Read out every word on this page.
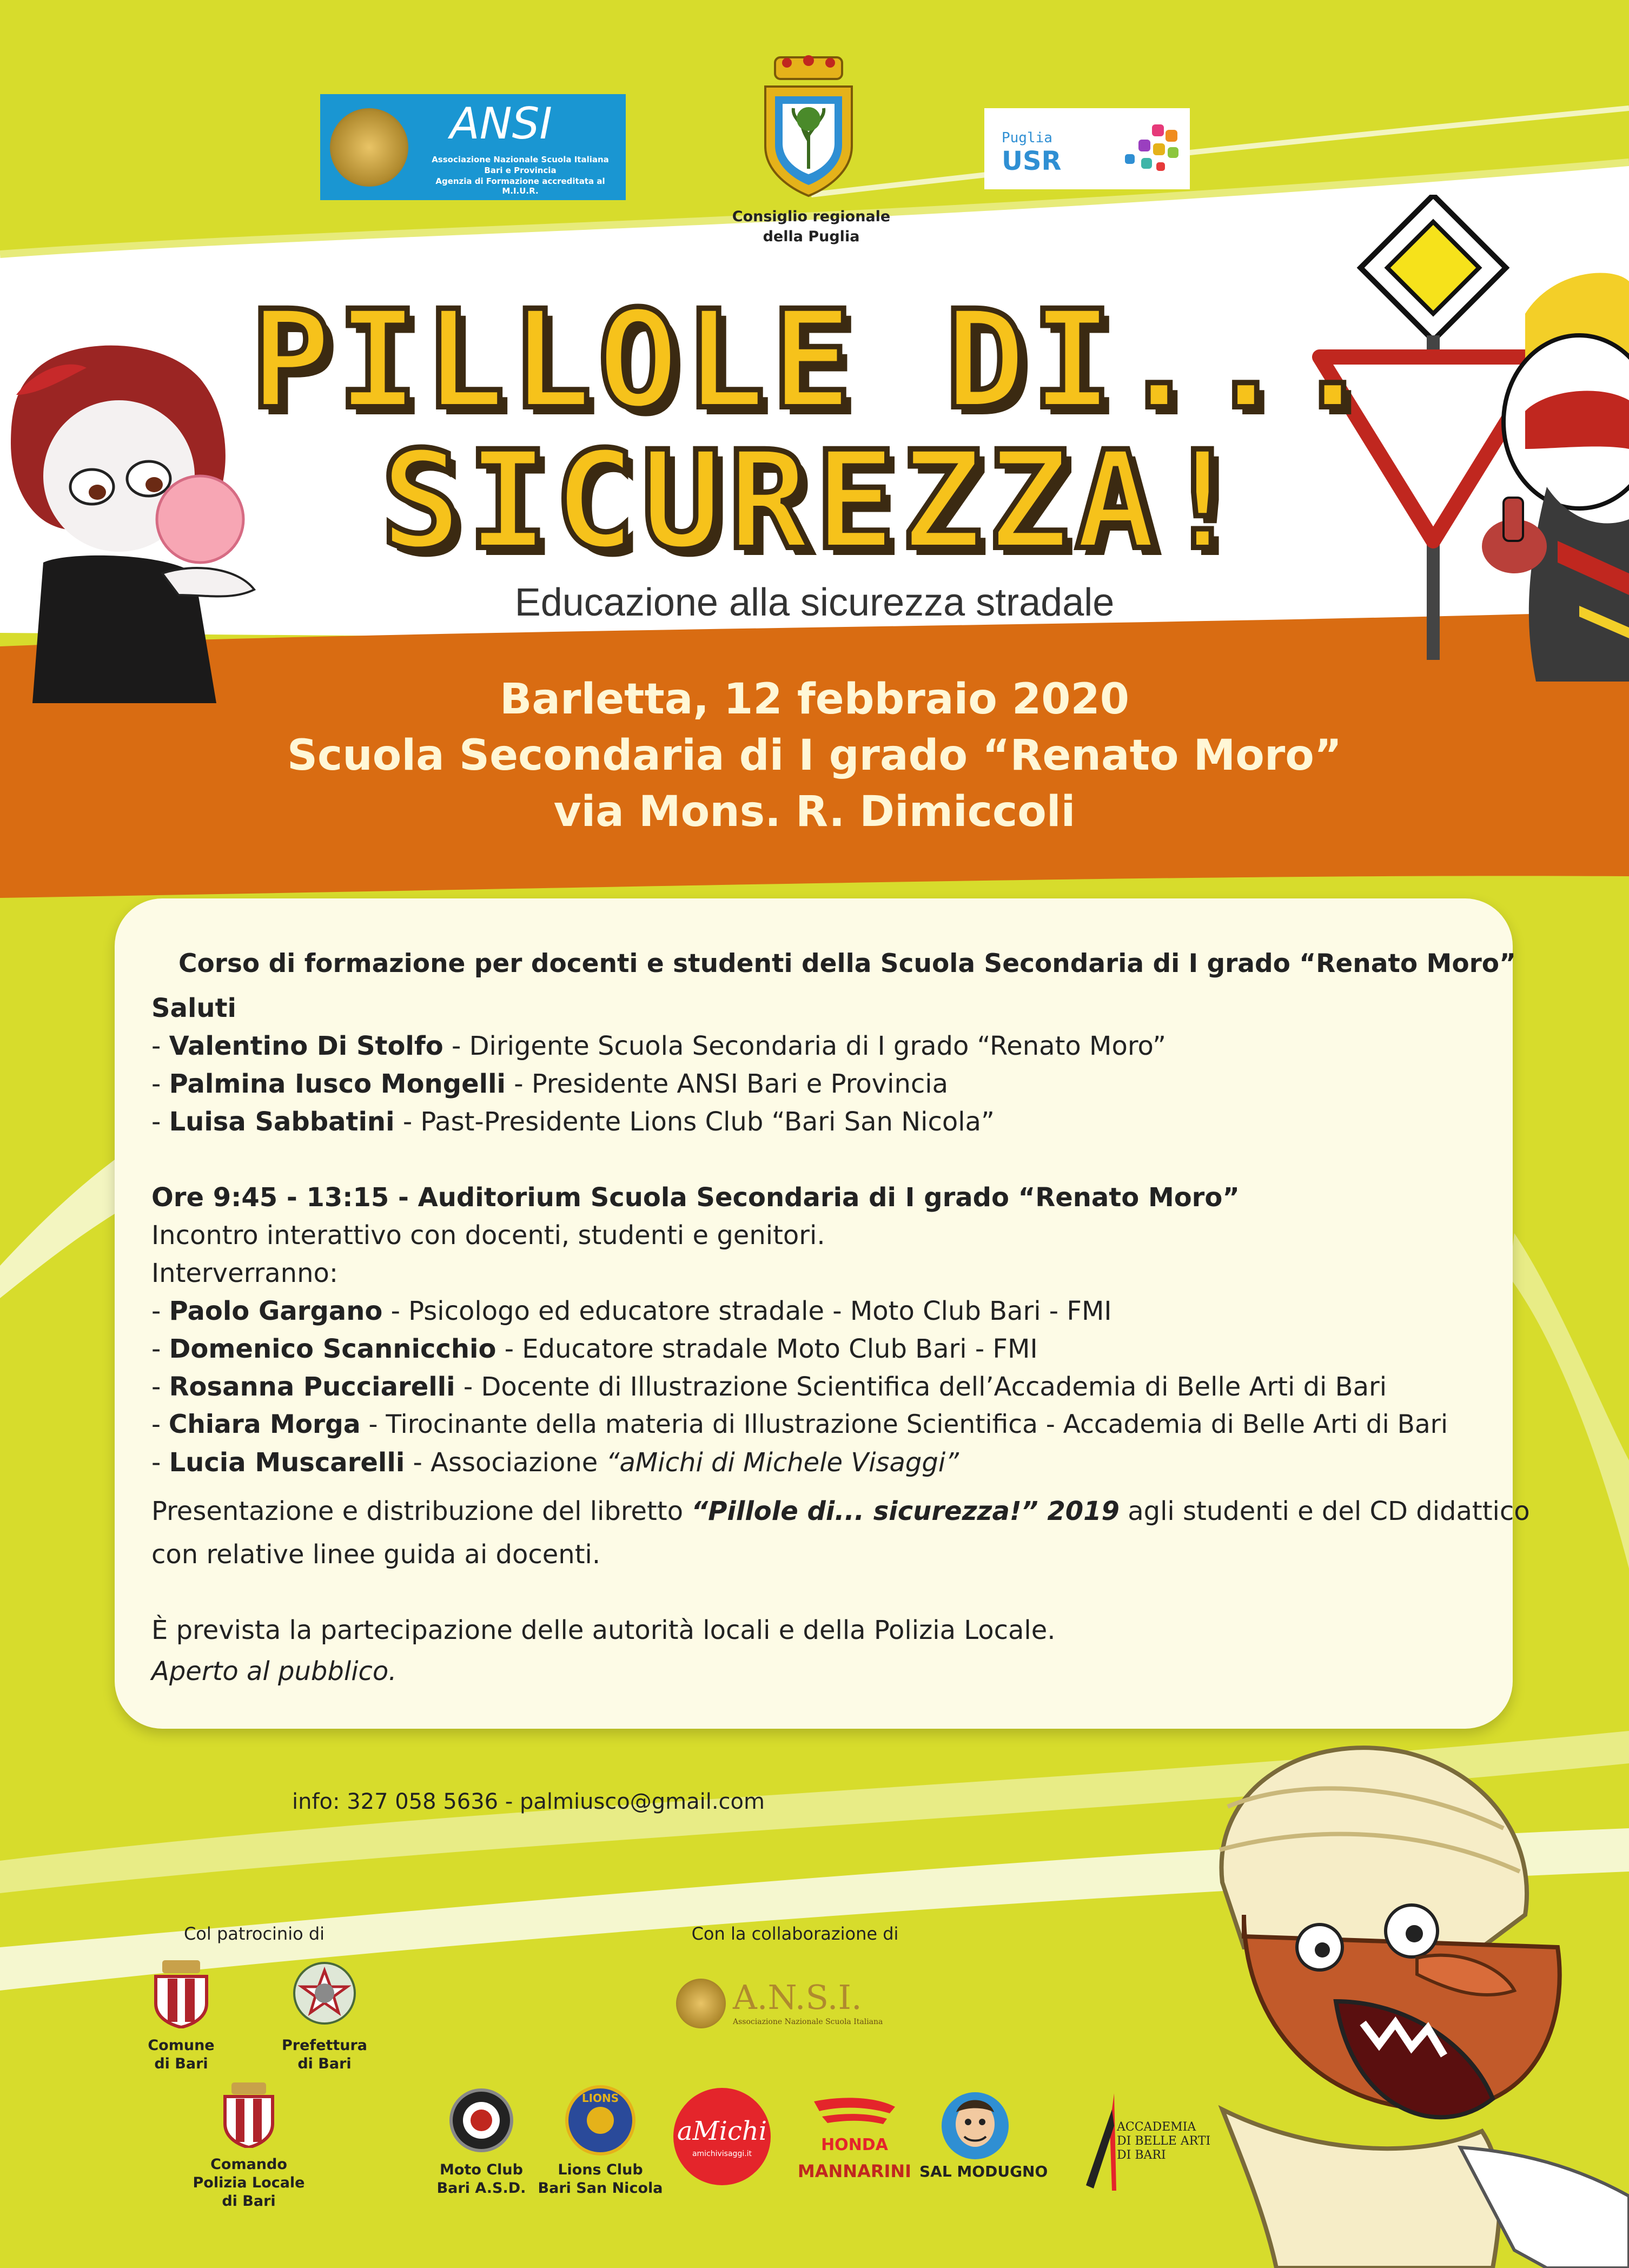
ANSI
Associazione Nazionale Scuola Italiana
Bari e Provincia
Agenzia di Formazione accreditata al M.I.U.R.
Consiglio regionale
della Puglia
Puglia
USR
PILLOLE DI...
SICUREZZA!
Educazione alla sicurezza stradale
Barletta, 12 febbraio 2020
Scuola Secondaria di I grado “Renato Moro”
via Mons. R. Dimiccoli
Corso di formazione per docenti e studenti della Scuola Secondaria di I grado “Renato Moro”
Saluti
- Valentino Di Stolfo - Dirigente Scuola Secondaria di I grado “Renato Moro”
- Palmina Iusco Mongelli - Presidente ANSI Bari e Provincia
- Luisa Sabbatini - Past-Presidente Lions Club “Bari San Nicola”
Ore 9:45 - 13:15 - Auditorium Scuola Secondaria di I grado “Renato Moro”
Incontro interattivo con docenti, studenti e genitori.
Interverranno:
- Paolo Gargano - Psicologo ed educatore stradale - Moto Club Bari - FMI
- Domenico Scannicchio - Educatore stradale Moto Club Bari - FMI
- Rosanna Pucciarelli - Docente di Illustrazione Scientifica dell’Accademia di Belle Arti di Bari
- Chiara Morga - Tirocinante della materia di Illustrazione Scientifica - Accademia di Belle Arti di Bari
- Lucia Muscarelli - Associazione “aMichi di Michele Visaggi”
Presentazione e distribuzione del libretto “Pillole di... sicurezza!” 2019 agli studenti e del CD didattico
con relative linee guida ai docenti.
È prevista la partecipazione delle autorità locali e della Polizia Locale.
Aperto al pubblico.
info: 327 058 5636 - palmiusco@gmail.com
Col patrocinio di	Con la collaborazione di
Comune
di Bari
Prefettura
di Bari
Comando
Polizia Locale
di Bari
A.N.S.I.
Associazione Nazionale Scuola Italiana
Moto Club
Bari A.S.D.
LIONS
Lions Club
Bari San Nicola
aMichi
amichivisaggi.it	HONDA
MANNARINI SAL MODUGNO
ACCADEMIA
DI BELLE ARTI
DI BARI
